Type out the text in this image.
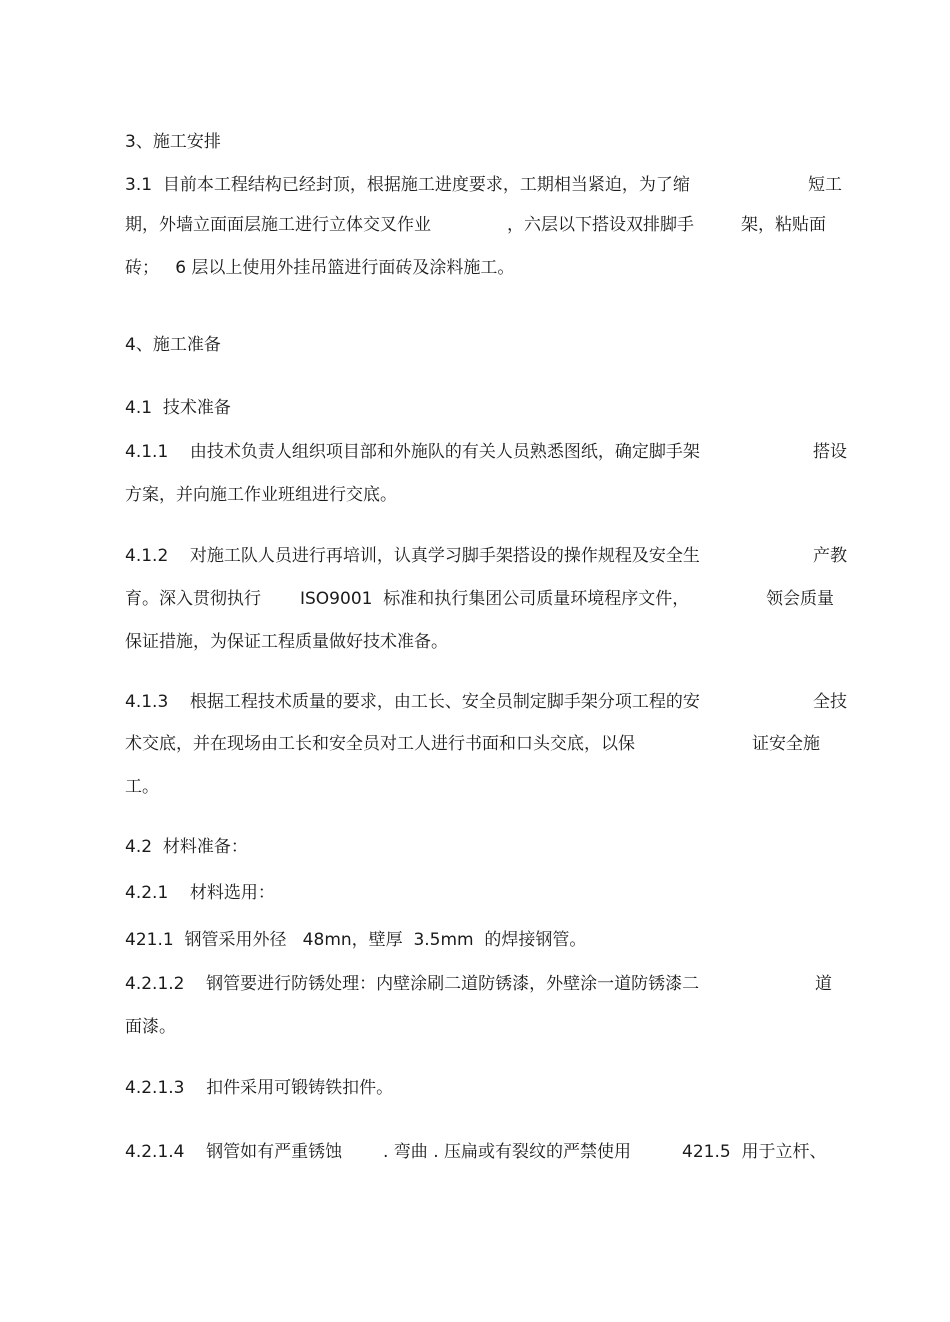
3、施工安排
3.1  目前本工程结构已经封顶，根据施工进度要求，工期相当紧迫，为了缩	短工
期，外墙立面面层施工进行立体交叉作业	，六层以下搭设双排脚手	架，粘贴面
砖；   6 层以上使用外挂吊篮进行面砖及涂料施工。
4、施工准备
4.1  技术准备
4.1.1    由技术负责人组织项目部和外施队的有关人员熟悉图纸，确定脚手架	搭设
方案，并向施工作业班组进行交底。
4.1.2    对施工队人员进行再培训，认真学习脚手架搭设的操作规程及安全生	产教
育。深入贯彻执行 ISO9001  标准和执行集团公司质量环境程序文件，	领会质量
保证措施，为保证工程质量做好技术准备。
4.1.3    根据工程技术质量的要求，由工长、安全员制定脚手架分项工程的安	全技
术交底，并在现场由工长和安全员对工人进行书面和口头交底，以保	证安全施
工。
4.2  材料准备：
4.2.1    材料选用：
421.1  钢管采用外径   48mn，壁厚  3.5mm  的焊接钢管。
4.2.1.2    钢管要进行防锈处理：内壁涂刷二道防锈漆，外壁涂一道防锈漆二	道
面漆。
4.2.1.3    扣件采用可锻铸铁扣件。
4.2.1.4    钢管如有严重锈蚀 . 弯曲 . 压扁或有裂纹的严禁使用	421.5  用于立杆、
